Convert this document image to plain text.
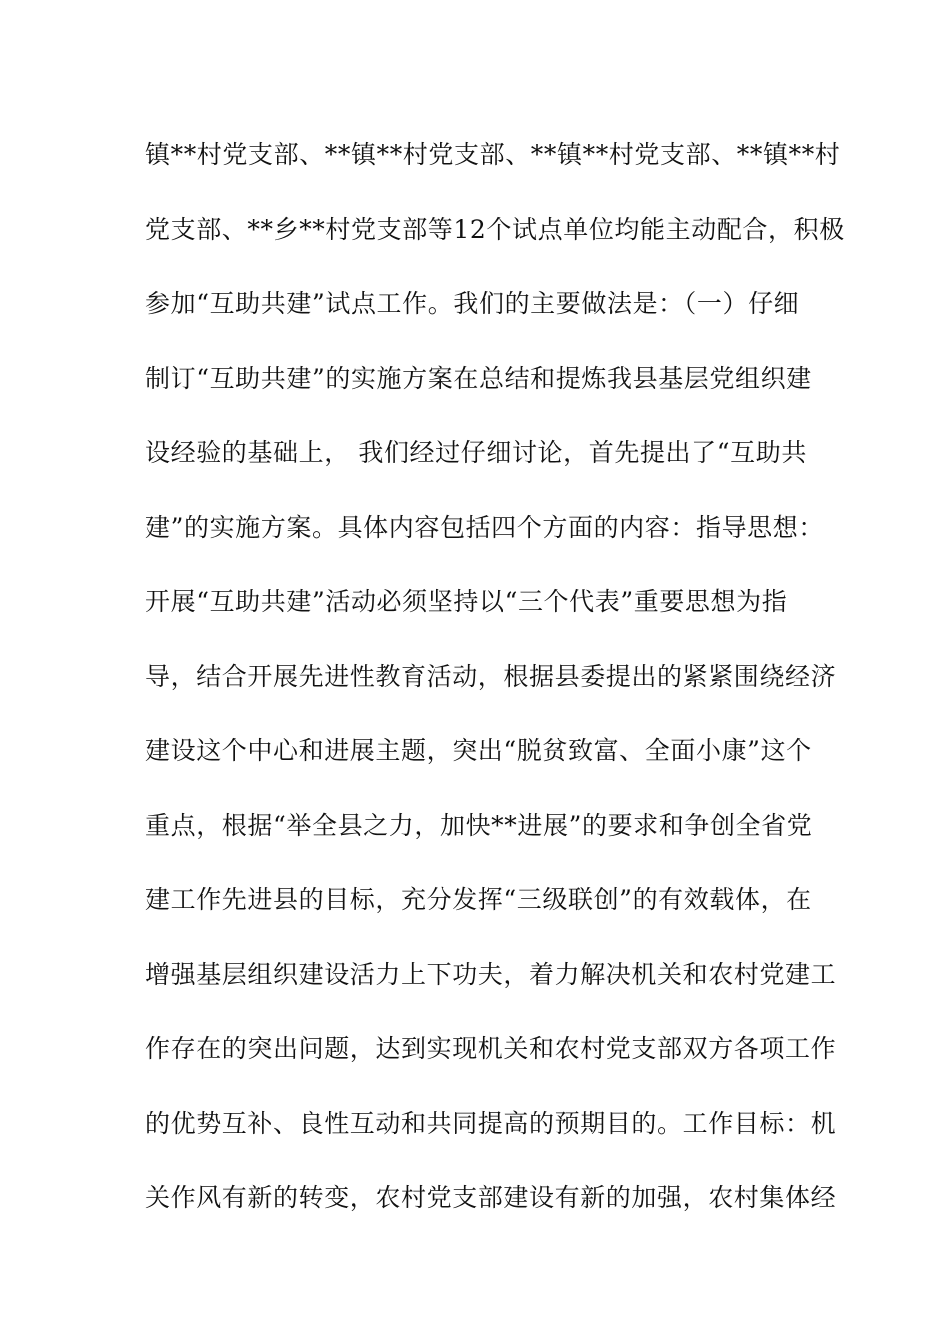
镇**村党支部、**镇**村党支部、**镇**村党支部、**镇**村
党支部、**乡**村党支部等12个试点单位均能主动配合，积极
参加“互助共建”试点工作。我们的主要做法是：（一）仔细
制订“互助共建”的实施方案在总结和提炼我县基层党组织建
设经验的基础上， 我们经过仔细讨论，首先提出了“互助共
建”的实施方案。具体内容包括四个方面的内容：指导思想：
开展“互助共建”活动必须坚持以“三个代表”重要思想为指
导，结合开展先进性教育活动，根据县委提出的紧紧围绕经济
建设这个中心和进展主题，突出“脱贫致富、全面小康”这个
重点，根据“举全县之力，加快**进展”的要求和争创全省党
建工作先进县的目标，充分发挥“三级联创”的有效载体，在
增强基层组织建设活力上下功夫，着力解决机关和农村党建工
作存在的突出问题，达到实现机关和农村党支部双方各项工作
的优势互补、良性互动和共同提高的预期目的。工作目标：机
关作风有新的转变，农村党支部建设有新的加强，农村集体经
